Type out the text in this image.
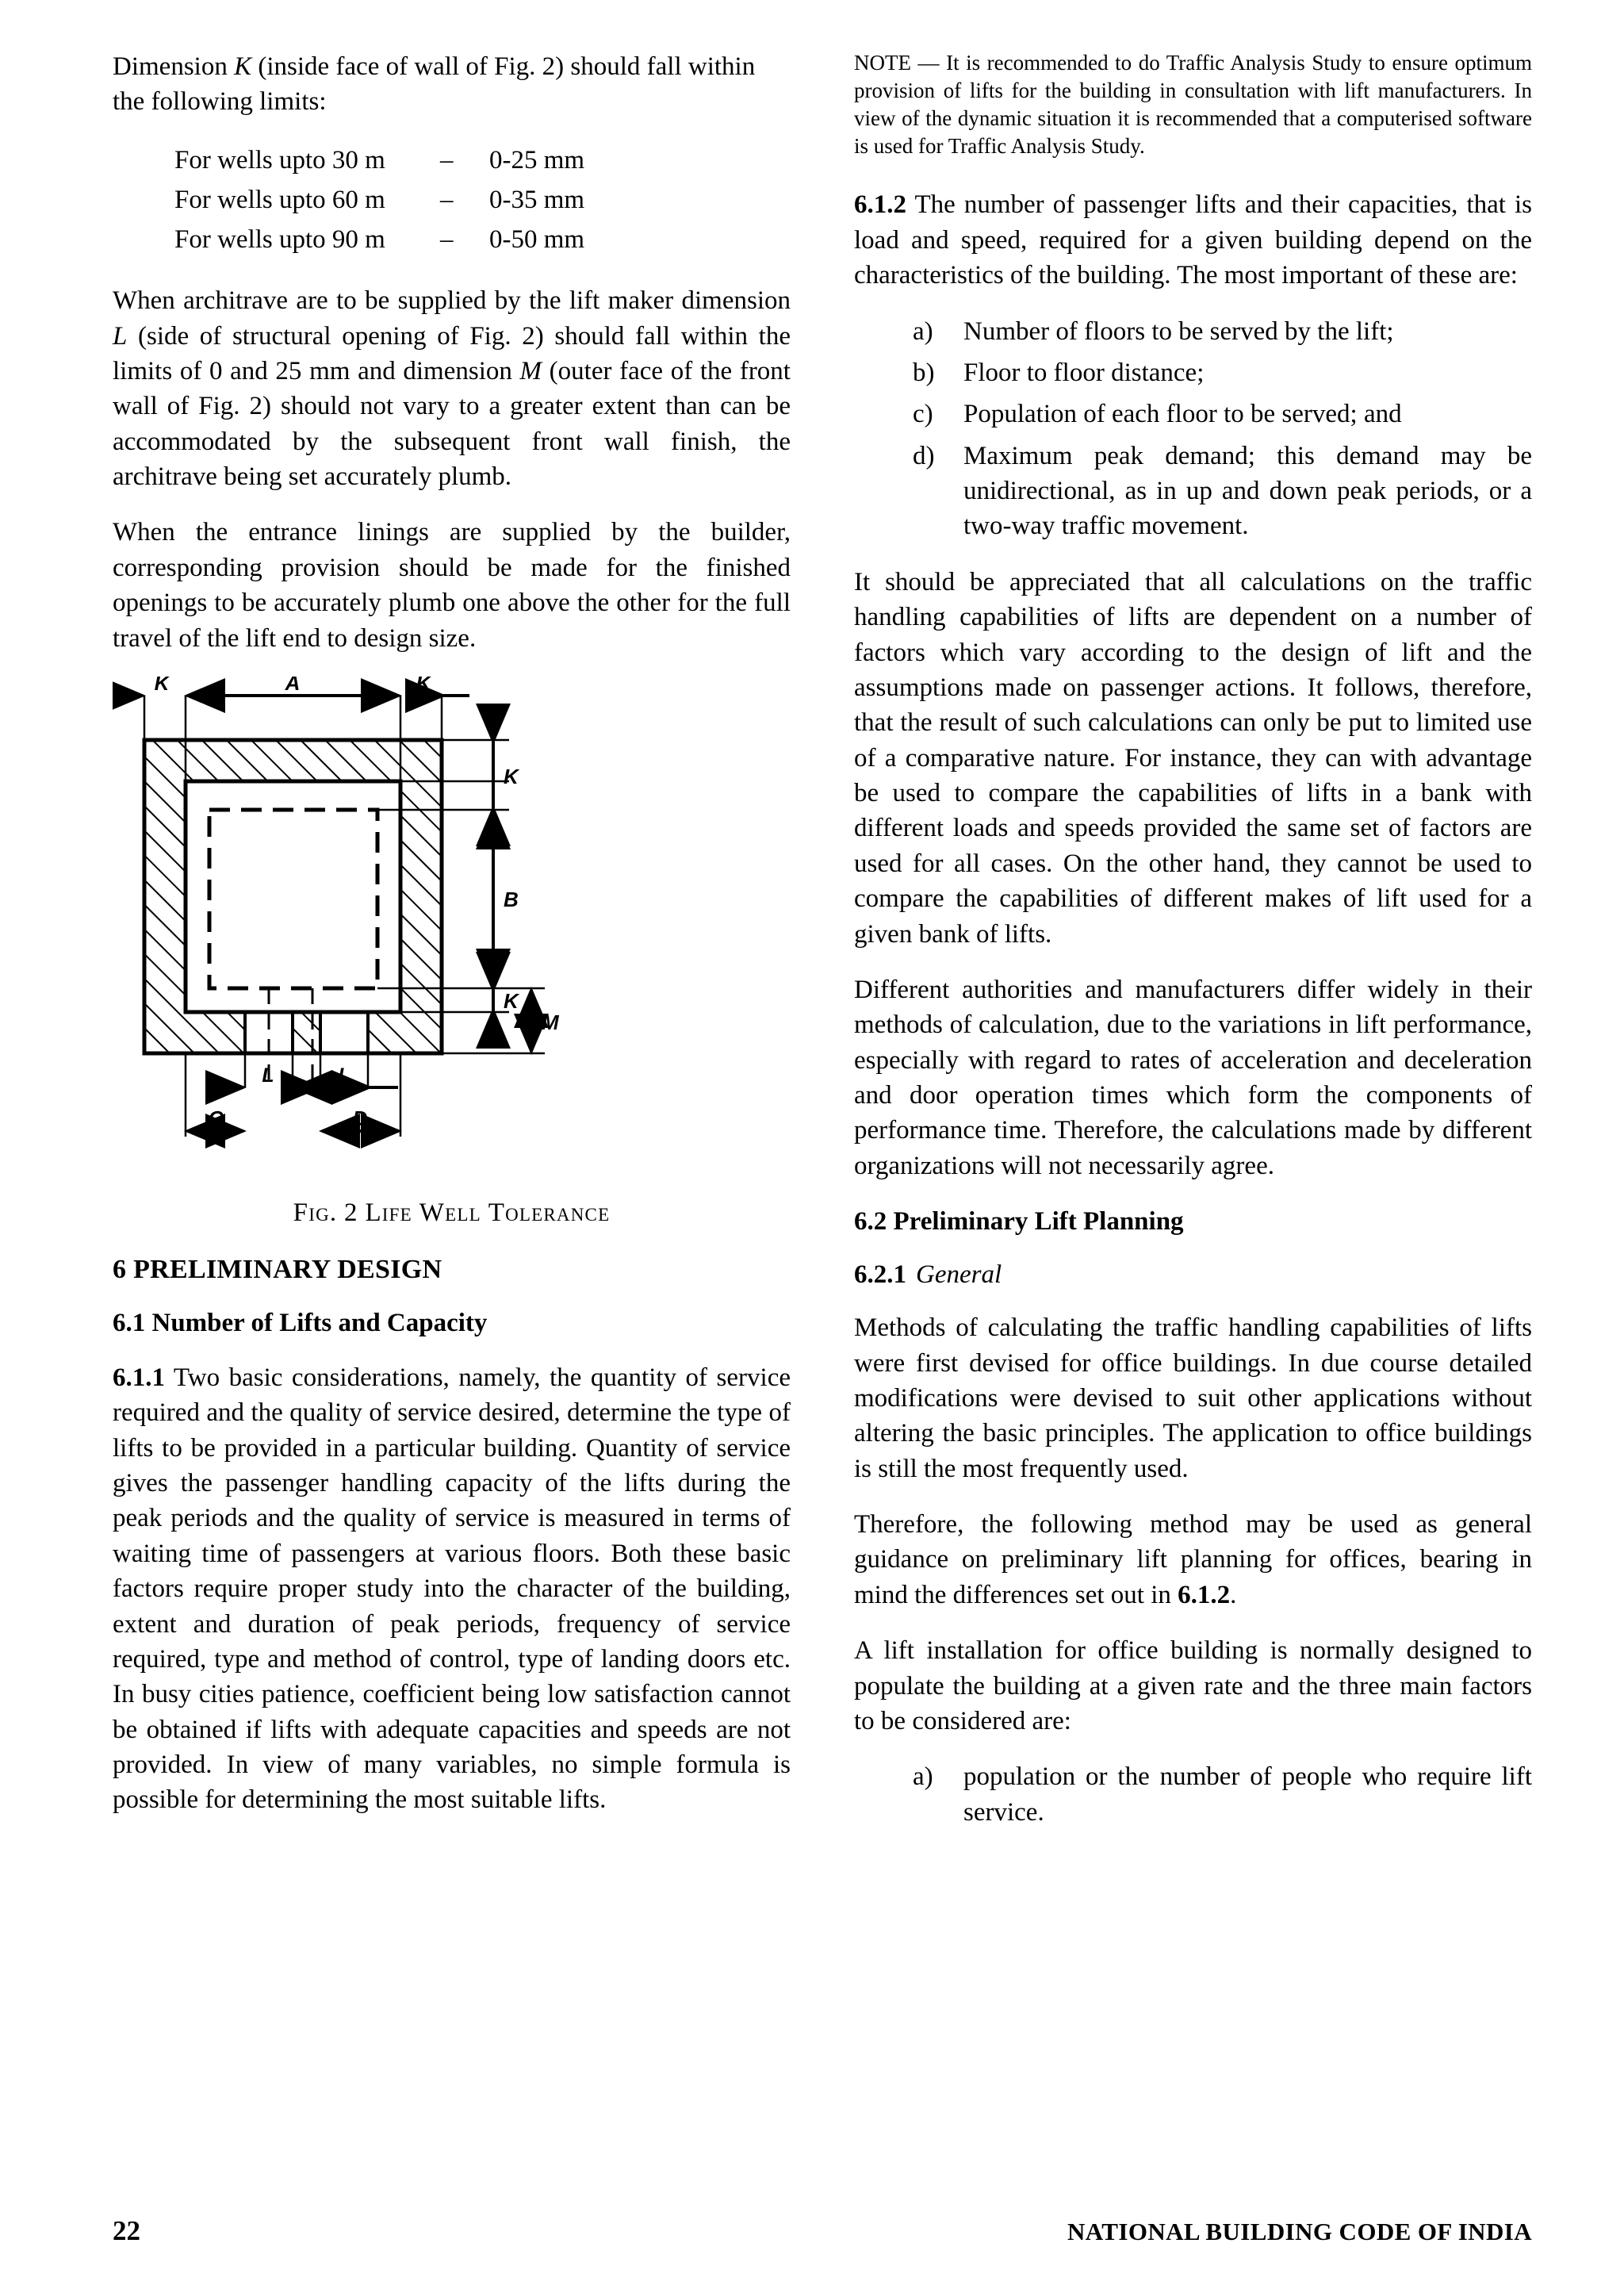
Dimension K (inside face of wall of Fig. 2) should fall within the following limits:

For wells upto 30 m	–	0-25 mm
For wells upto 60 m	–	0-35 mm
For wells upto 90 m	–	0-50 mm

When architrave are to be supplied by the lift maker dimension L (side of structural opening of Fig. 2) should fall within the limits of 0 and 25 mm and dimension M (outer face of the front wall of Fig. 2) should not vary to a greater extent than can be accommodated by the subsequent front wall finish, the architrave being set accurately plumb.

When the entrance linings are supplied by the builder, corresponding provision should be made for the finished openings to be accurately plumb one above the other for the full travel of the lift end to design size.

K	A	K
K
B
K
M
L	L
C	D

Fig. 2 Life Well Tolerance

6 PRELIMINARY DESIGN
6.1 Number of Lifts and Capacity

6.1.1 Two basic considerations, namely, the quantity of service required and the quality of service desired, determine the type of lifts to be provided in a particular building. Quantity of service gives the passenger handling capacity of the lifts during the peak periods and the quality of service is measured in terms of waiting time of passengers at various floors. Both these basic factors require proper study into the character of the building, extent and duration of peak periods, frequency of service required, type and method of control, type of landing doors etc. In busy cities patience, coefficient being low satisfaction cannot be obtained if lifts with adequate capacities and speeds are not provided. In view of many variables, no simple formula is possible for determining the most suitable lifts.

NOTE — It is recommended to do Traffic Analysis Study to ensure optimum provision of lifts for the building in consultation with lift manufacturers. In view of the dynamic situation it is recommended that a computerised software is used for Traffic Analysis Study.

6.1.2 The number of passenger lifts and their capacities, that is load and speed, required for a given building depend on the characteristics of the building. The most important of these are:

a)	Number of floors to be served by the lift;
b)	Floor to floor distance;
c)	Population of each floor to be served; and
d)	Maximum peak demand; this demand may be unidirectional, as in up and down peak periods, or a two-way traffic movement.

It should be appreciated that all calculations on the traffic handling capabilities of lifts are dependent on a number of factors which vary according to the design of lift and the assumptions made on passenger actions. It follows, therefore, that the result of such calculations can only be put to limited use of a comparative nature. For instance, they can with advantage be used to compare the capabilities of lifts in a bank with different loads and speeds provided the same set of factors are used for all cases. On the other hand, they cannot be used to compare the capabilities of different makes of lift used for a given bank of lifts.

Different authorities and manufacturers differ widely in their methods of calculation, due to the variations in lift performance, especially with regard to rates of acceleration and deceleration and door operation times which form the components of performance time. Therefore, the calculations made by different organizations will not necessarily agree.

6.2 Preliminary Lift Planning
6.2.1 General

Methods of calculating the traffic handling capabilities of lifts were first devised for office buildings. In due course detailed modifications were devised to suit other applications without altering the basic principles. The application to office buildings is still the most frequently used.

Therefore, the following method may be used as general guidance on preliminary lift planning for offices, bearing in mind the differences set out in 6.1.2.

A lift installation for office building is normally designed to populate the building at a given rate and the three main factors to be considered are:

a)	population or the number of people who require lift service.
22	NATIONAL BUILDING CODE OF INDIA
